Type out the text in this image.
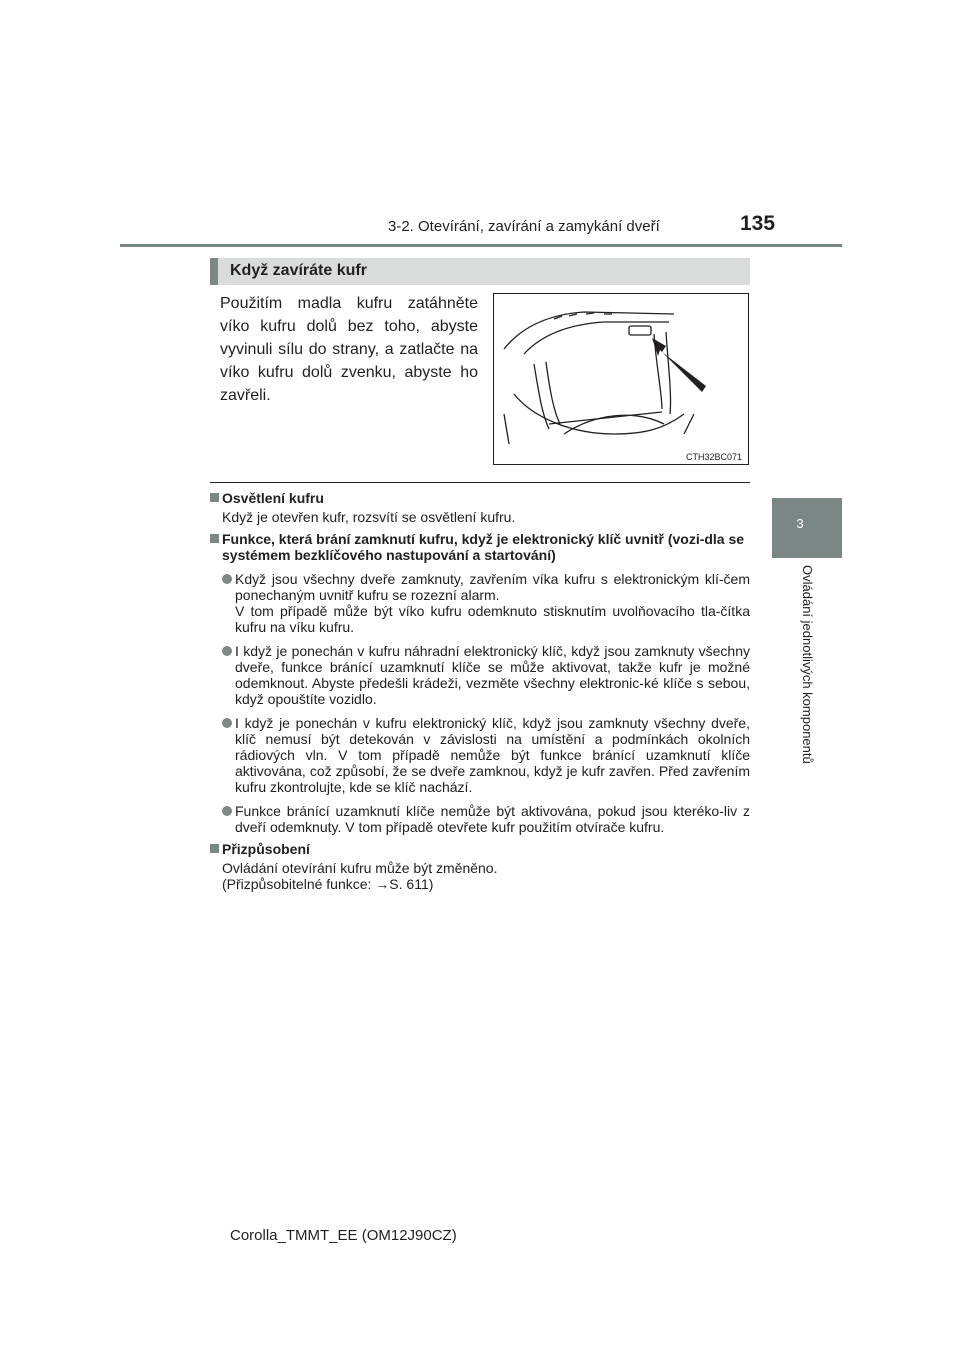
3-2. Otevírání, zavírání a zamykání dveří	135
3
Ovládání jednotlivých komponentů
Když zavíráte kufr
Použitím madla kufru zatáhněte víko kufru dolů bez toho, abyste vyvinuli sílu do strany, a zatlačte na víko kufru dolů zvenku, abyste ho zavřeli.
CTH32BC071
Osvětlení kufru
Když je otevřen kufr, rozsvítí se osvětlení kufru.
Funkce, která brání zamknutí kufru, když je elektronický klíč uvnitř (vozi-dla se systémem bezklíčového nastupování a startování)
Když jsou všechny dveře zamknuty, zavřením víka kufru s elektronickým klí-čem ponechaným uvnitř kufru se rozezní alarm.
V tom případě může být víko kufru odemknuto stisknutím uvolňovacího tla-čítka kufru na víku kufru.
I když je ponechán v kufru náhradní elektronický klíč, když jsou zamknuty všechny dveře, funkce bránící uzamknutí klíče se může aktivovat, takže kufr je možné odemknout. Abyste předešli krádeži, vezměte všechny elektronic-ké klíče s sebou, když opouštíte vozidlo.
I když je ponechán v kufru elektronický klíč, když jsou zamknuty všechny dveře, klíč nemusí být detekován v závislosti na umístění a podmínkách okolních rádiových vln. V tom případě nemůže být funkce bránící uzamknutí klíče aktivována, což způsobí, že se dveře zamknou, když je kufr zavřen. Před zavřením kufru zkontrolujte, kde se klíč nachází.
Funkce bránící uzamknutí klíče nemůže být aktivována, pokud jsou kteréko-liv z dveří odemknuty. V tom případě otevřete kufr použitím otvírače kufru.
Přizpůsobení
Ovládání otevírání kufru může být změněno.
(Přizpůsobitelné funkce: →S. 611)
Corolla_TMMT_EE (OM12J90CZ)
